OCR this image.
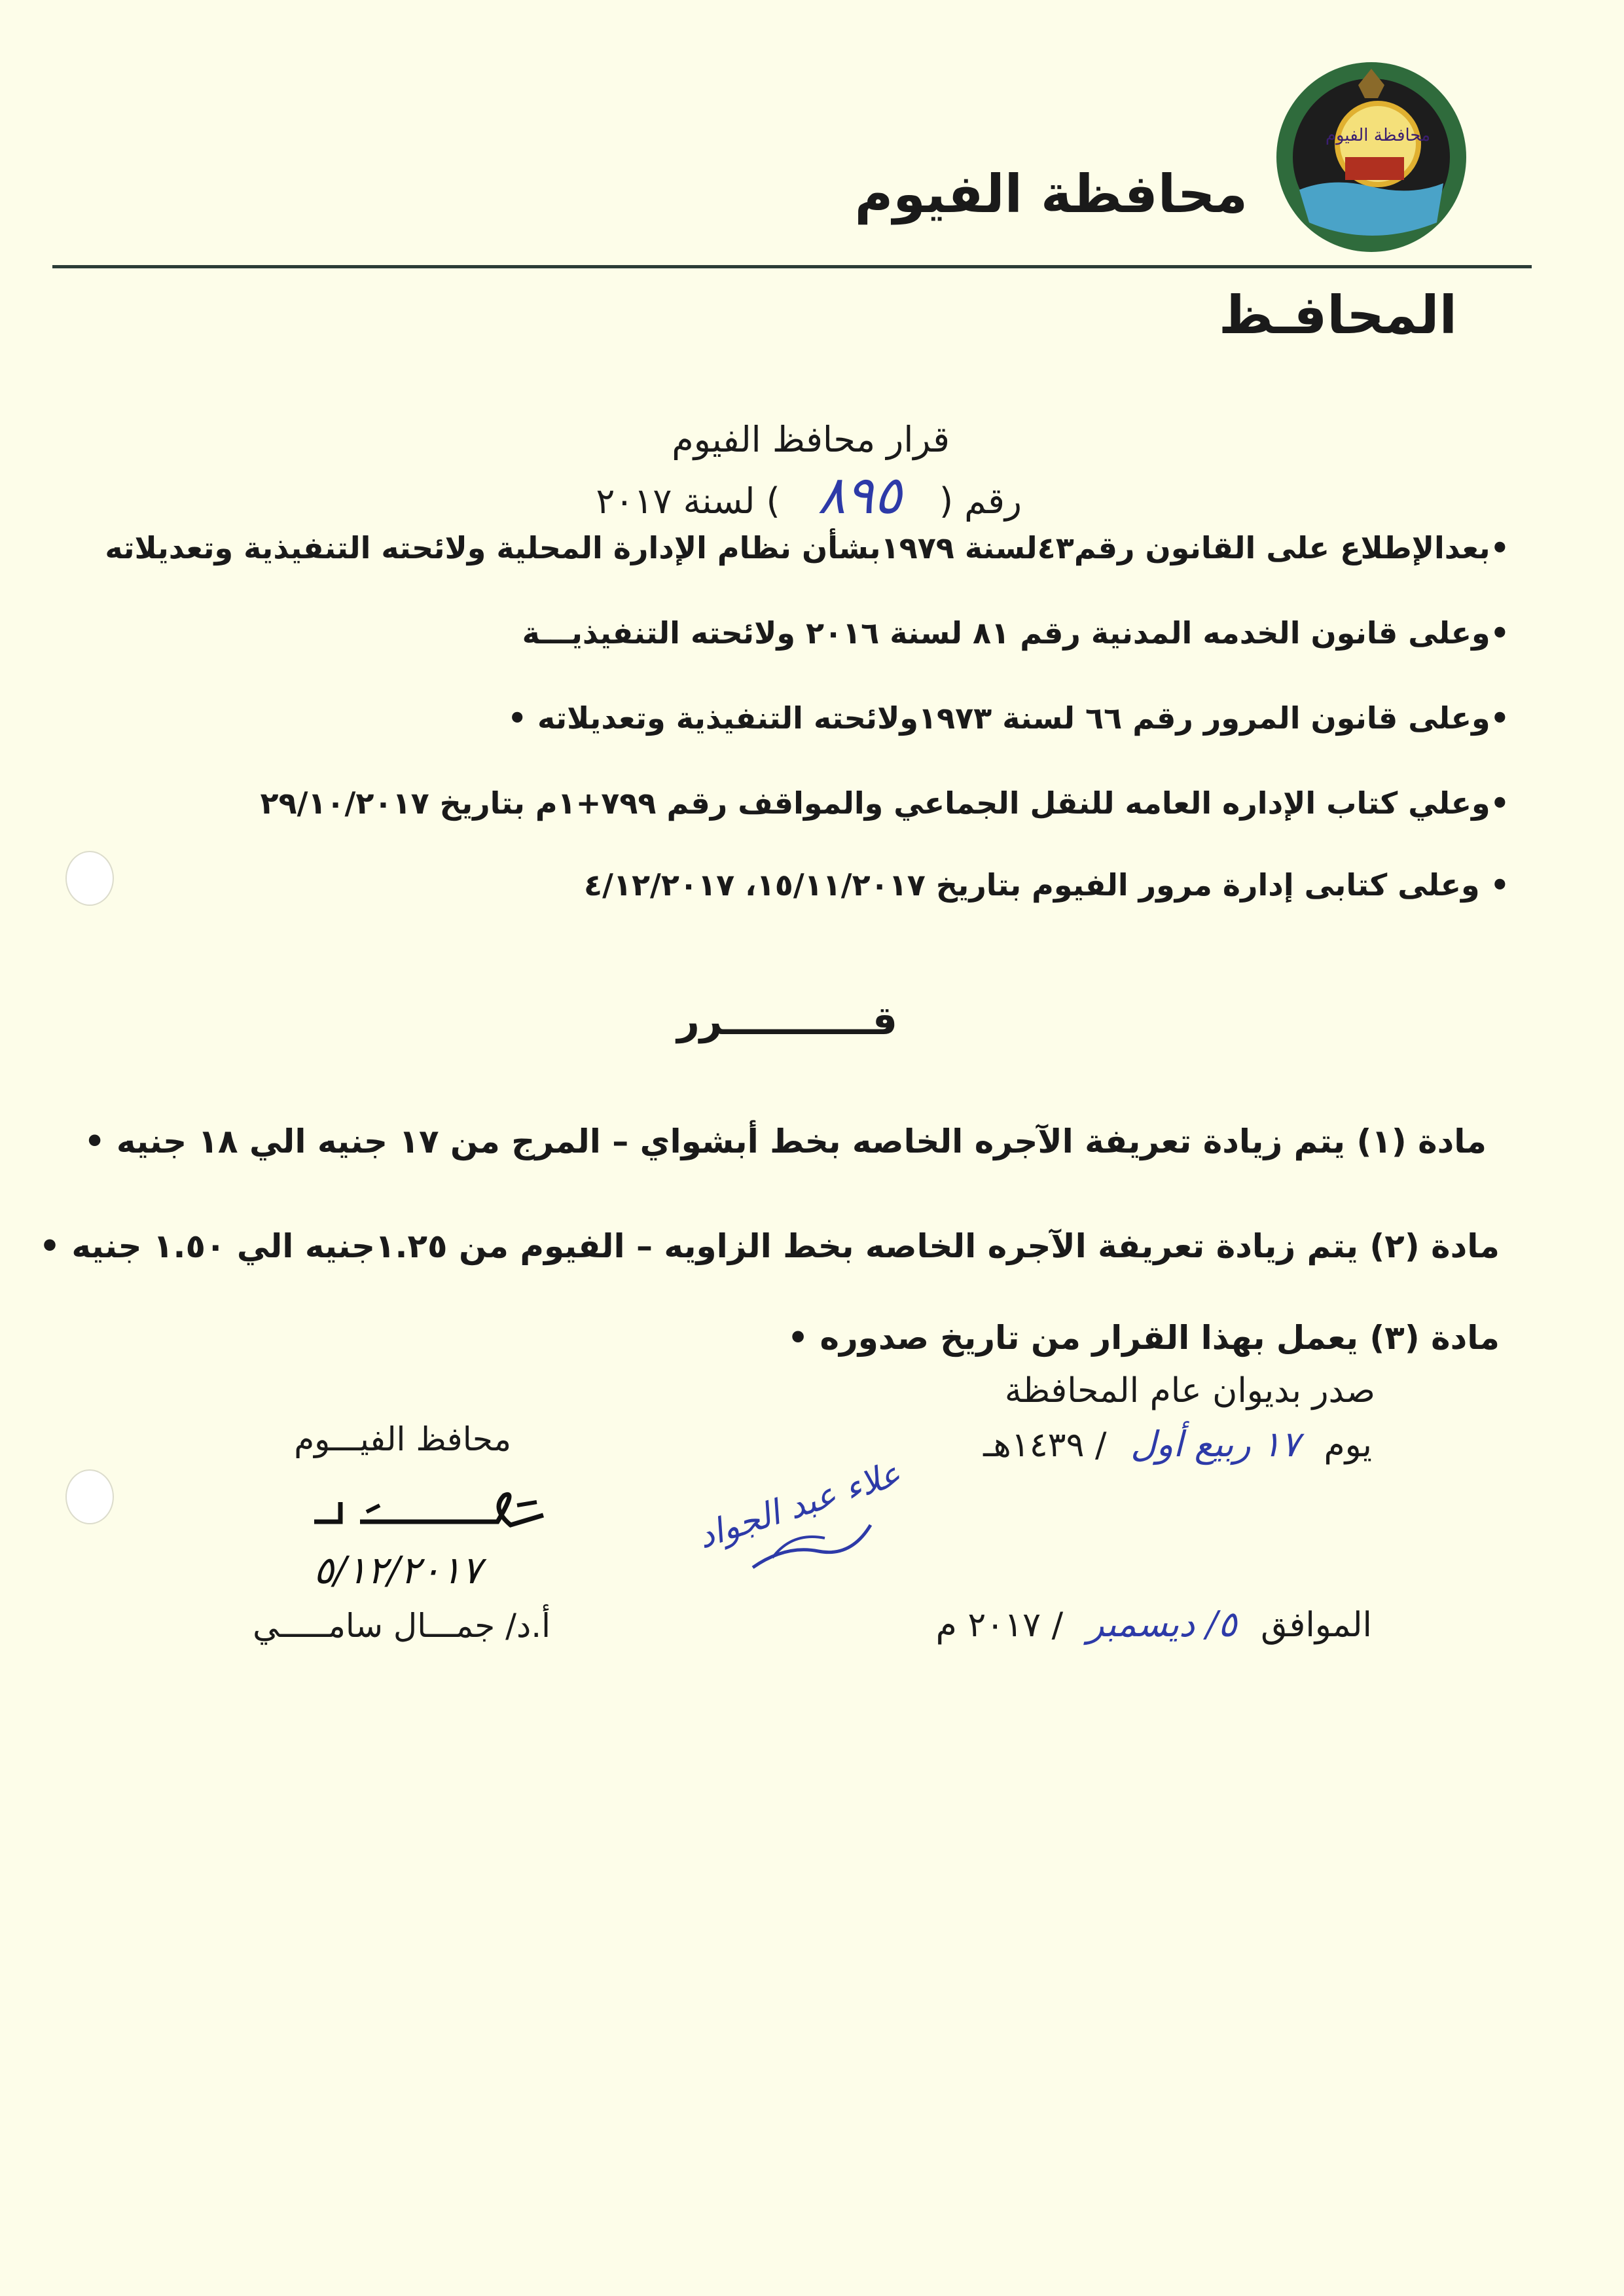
محافظة الفيوم
محافظة الفيوم
المحافـظ
قرار محافظ الفيوم
رقم ( ٨٩٥ ) لسنة ٢٠١٧
•بعدالإطلاع على القانون رقم٤٣لسنة ١٩٧٩بشأن نظام الإدارة المحلية ولائحته التنفيذية وتعديلاته
•وعلى قانون الخدمه المدنية رقم ٨١ لسنة ٢٠١٦ ولائحته التنفيذيـــة
•وعلى قانون المرور رقم ٦٦ لسنة ١٩٧٣ولائحته التنفيذية وتعديلاته •
•وعلي كتاب الإداره العامه للنقل الجماعي والمواقف رقم ٧٩٩+١م بتاريخ ٢٩/١٠/٢٠١٧
• وعلى كتابى إدارة مرور الفيوم بتاريخ ١٥/١١/٢٠١٧، ٤/١٢/٢٠١٧
قـــــــــــرر
مادة (١) يتم زيادة تعريفة الآجره الخاصه بخط أبشواي – المرج من ١٧ جنيه الي ١٨ جنيه •
مادة (٢) يتم زيادة تعريفة الآجره الخاصه بخط الزاويه – الفيوم من ١.٢٥جنيه الي ١.٥٠ جنيه •
مادة (٣) يعمل بهذا القرار من تاريخ صدوره •
صدر بديوان عام المحافظة
يوم ١٧ ربيع أول / ١٤٣٩هـ
الموافق ٥/ ديسمبر / ٢٠١٧ م
علاء عبد الجواد
محافظ الفيـــوم
٥/١٢/٢٠١٧
أ.د/ جمـــال سامـــــي
